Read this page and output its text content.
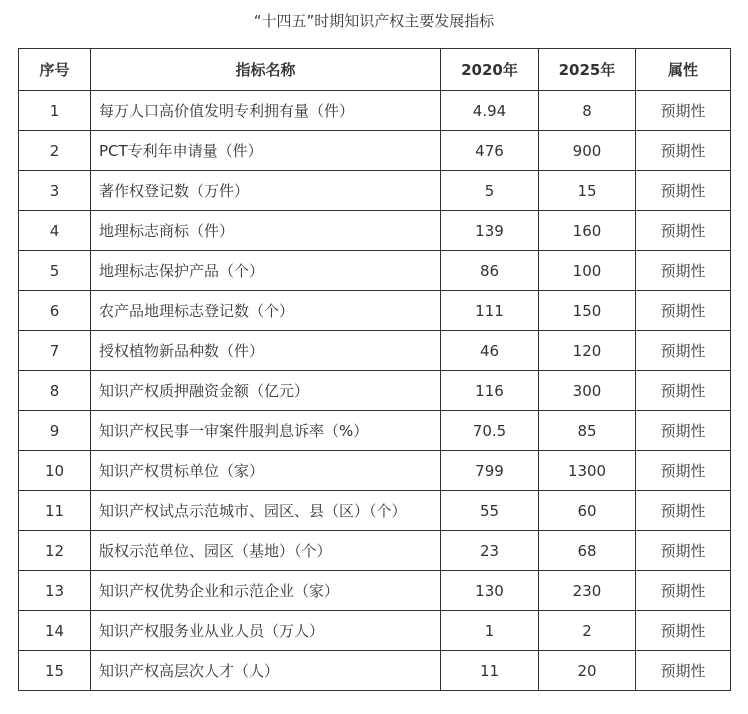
“十四五”时期知识产权主要发展指标
序号	指标名称	2020年	2025年	属性
1	每万人口高价值发明专利拥有量（件）	4.94	8	预期性
2	PCT专利年申请量（件）	476	900	预期性
3	著作权登记数（万件）	5	15	预期性
4	地理标志商标（件）	139	160	预期性
5	地理标志保护产品（个）	86	100	预期性
6	农产品地理标志登记数（个）	111	150	预期性
7	授权植物新品种数（件）	46	120	预期性
8	知识产权质押融资金额（亿元）	116	300	预期性
9	知识产权民事一审案件服判息诉率（%）	70.5	85	预期性
10	知识产权贯标单位（家）	799	1300	预期性
11	知识产权试点示范城市、园区、县（区）（个）	55	60	预期性
12	版权示范单位、园区（基地）（个）	23	68	预期性
13	知识产权优势企业和示范企业（家）	130	230	预期性
14	知识产权服务业从业人员（万人）	1	2	预期性
15	知识产权高层次人才（人）	11	20	预期性
